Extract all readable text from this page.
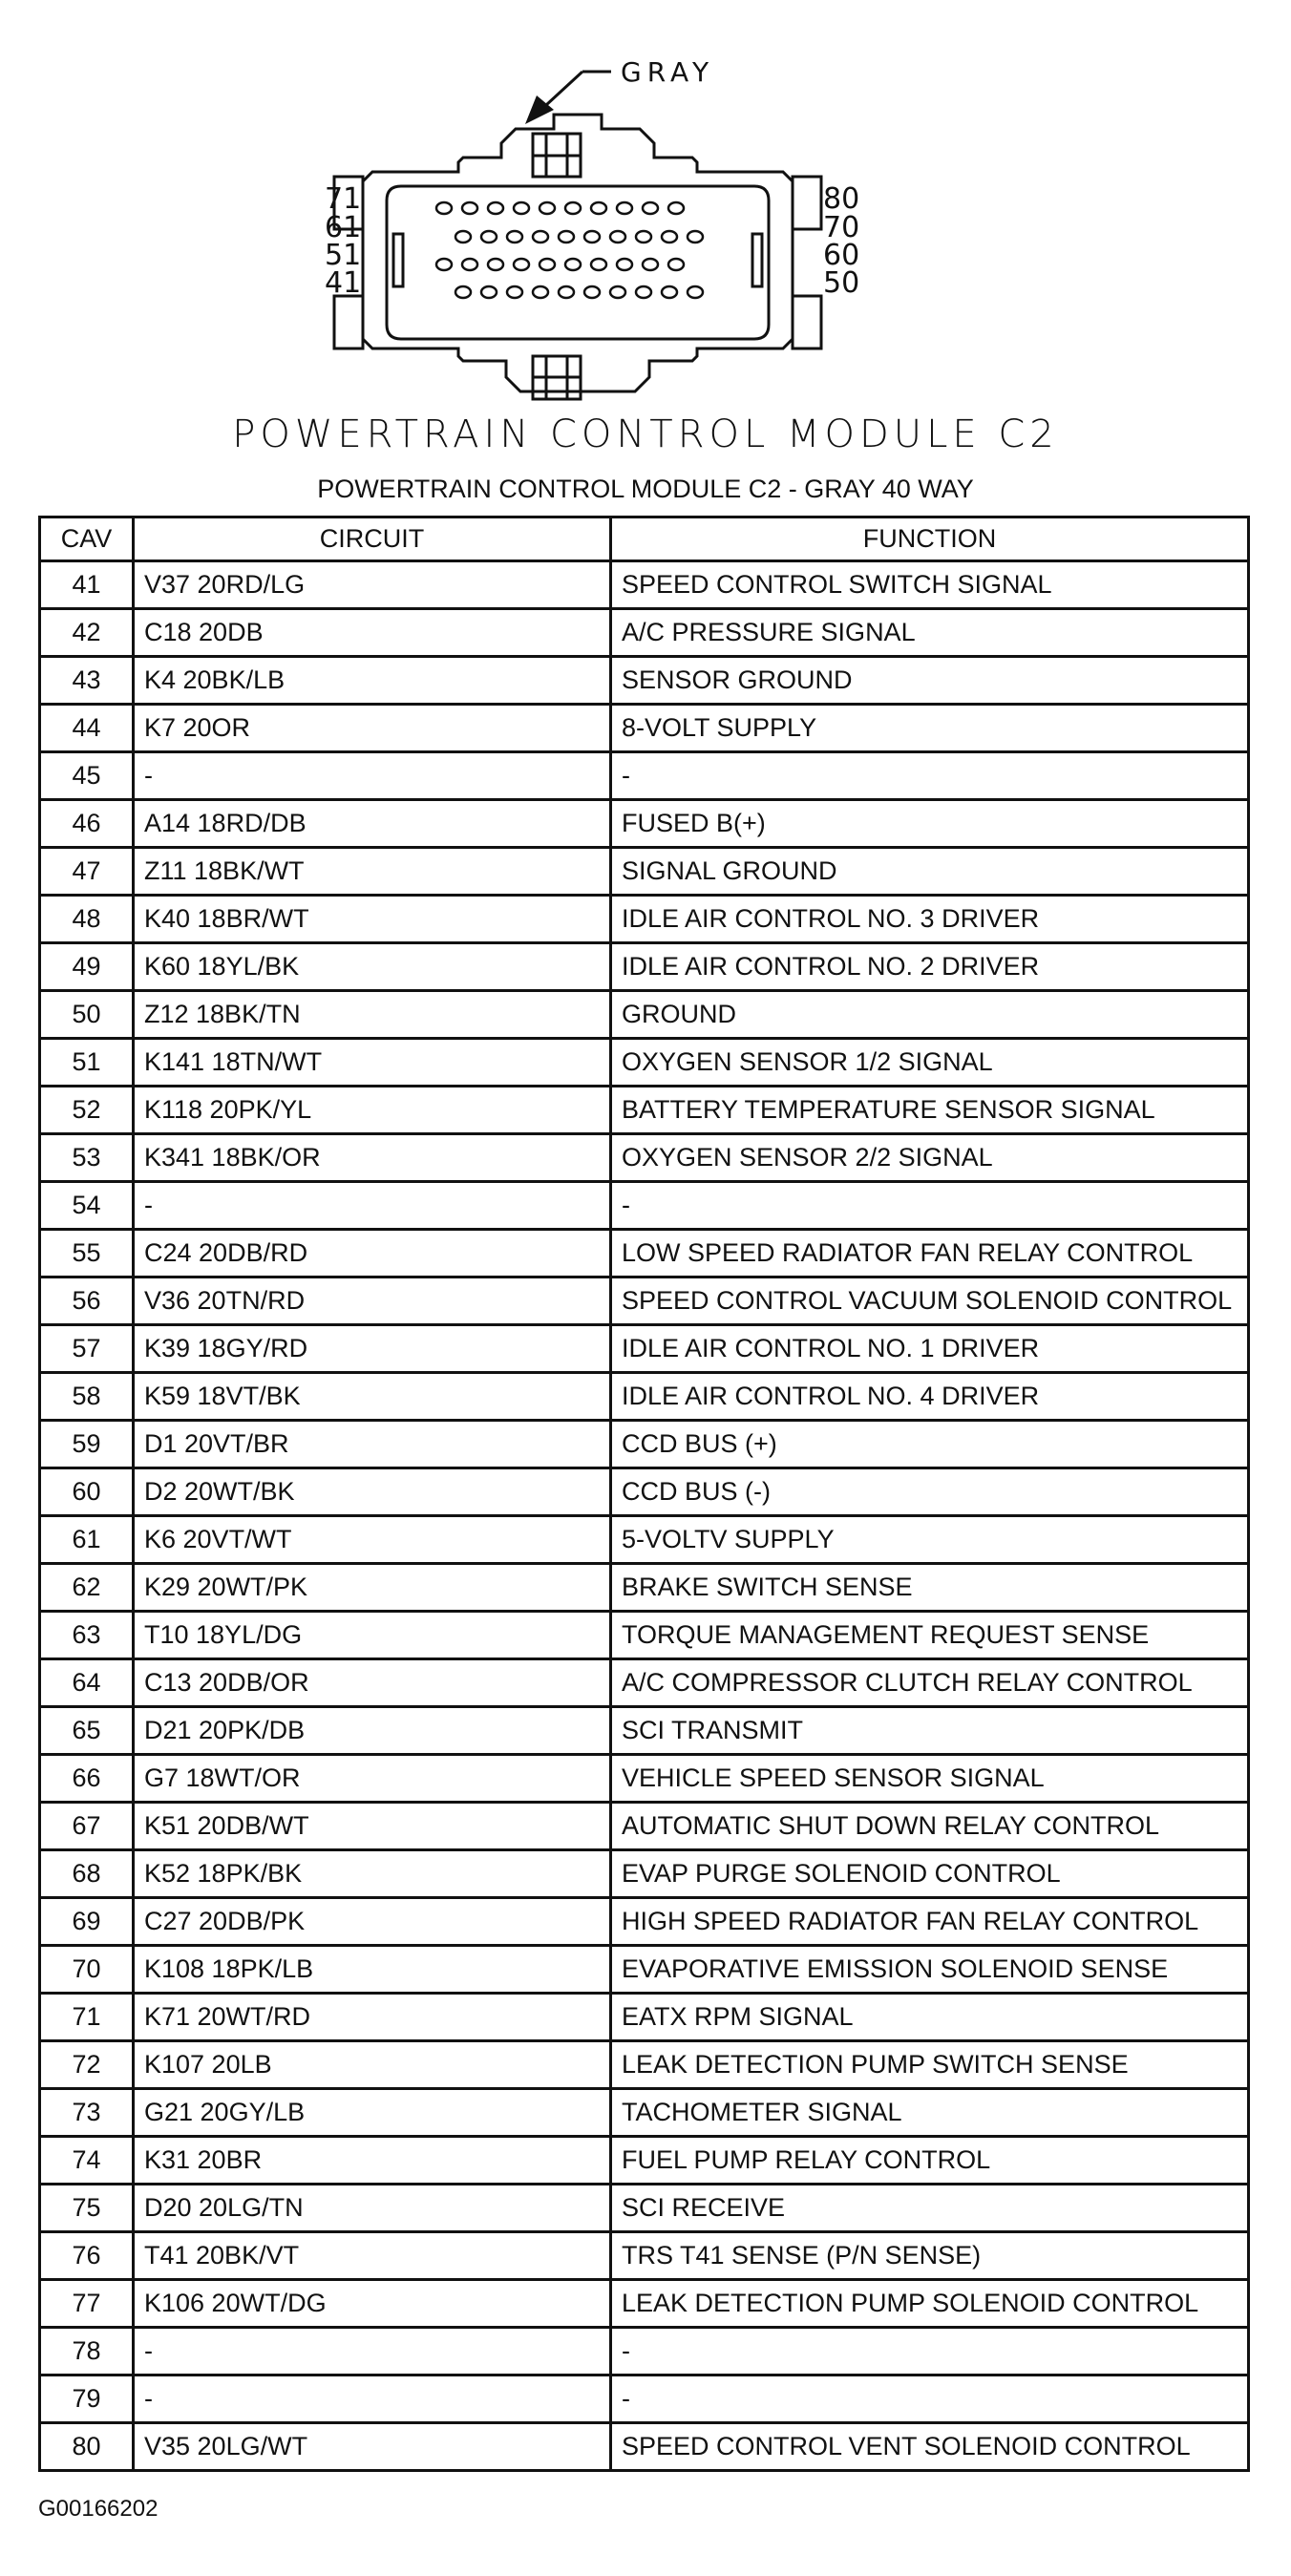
GRAY
71
61
51
41
80
70
60
50
POWERTRAIN CONTROL MODULE C2
POWERTRAIN CONTROL MODULE C2 - GRAY 40 WAY
CAV	CIRCUIT	FUNCTION
41	V37 20RD/LG	SPEED CONTROL SWITCH SIGNAL
42	C18 20DB	A/C PRESSURE SIGNAL
43	K4 20BK/LB	SENSOR GROUND
44	K7 20OR	8-VOLT SUPPLY
45	-	-
46	A14 18RD/DB	FUSED B(+)
47	Z11 18BK/WT	SIGNAL GROUND
48	K40 18BR/WT	IDLE AIR CONTROL NO. 3 DRIVER
49	K60 18YL/BK	IDLE AIR CONTROL NO. 2 DRIVER
50	Z12 18BK/TN	GROUND
51	K141 18TN/WT	OXYGEN SENSOR 1/2 SIGNAL
52	K118 20PK/YL	BATTERY TEMPERATURE SENSOR SIGNAL
53	K341 18BK/OR	OXYGEN SENSOR 2/2 SIGNAL
54	-	-
55	C24 20DB/RD	LOW SPEED RADIATOR FAN RELAY CONTROL
56	V36 20TN/RD	SPEED CONTROL VACUUM SOLENOID CONTROL
57	K39 18GY/RD	IDLE AIR CONTROL NO. 1 DRIVER
58	K59 18VT/BK	IDLE AIR CONTROL NO. 4 DRIVER
59	D1 20VT/BR	CCD BUS (+)
60	D2 20WT/BK	CCD BUS (-)
61	K6 20VT/WT	5-VOLTV SUPPLY
62	K29 20WT/PK	BRAKE SWITCH SENSE
63	T10 18YL/DG	TORQUE MANAGEMENT REQUEST SENSE
64	C13 20DB/OR	A/C COMPRESSOR CLUTCH RELAY CONTROL
65	D21 20PK/DB	SCI TRANSMIT
66	G7 18WT/OR	VEHICLE SPEED SENSOR SIGNAL
67	K51 20DB/WT	AUTOMATIC SHUT DOWN RELAY CONTROL
68	K52 18PK/BK	EVAP PURGE SOLENOID CONTROL
69	C27 20DB/PK	HIGH SPEED RADIATOR FAN RELAY CONTROL
70	K108 18PK/LB	EVAPORATIVE EMISSION SOLENOID SENSE
71	K71 20WT/RD	EATX RPM SIGNAL
72	K107 20LB	LEAK DETECTION PUMP SWITCH SENSE
73	G21 20GY/LB	TACHOMETER SIGNAL
74	K31 20BR	FUEL PUMP RELAY CONTROL
75	D20 20LG/TN	SCI RECEIVE
76	T41 20BK/VT	TRS T41 SENSE (P/N SENSE)
77	K106 20WT/DG	LEAK DETECTION PUMP SOLENOID CONTROL
78	-	-
79	-	-
80	V35 20LG/WT	SPEED CONTROL VENT SOLENOID CONTROL
G00166202
